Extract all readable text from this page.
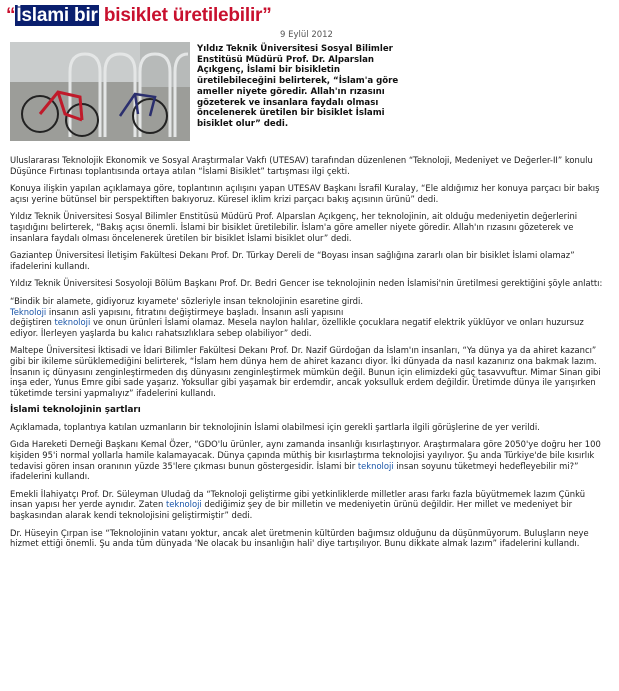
“İslami bir bisiklet üretilebilir”
9 Eylül 2012
Yıldız Teknik Üniversitesi Sosyal Bilimler Enstitüsü Müdürü Prof. Dr. Alparslan Açıkgenç, İslami bir bisikletin üretilebileceğini belirterek, “İslam'a göre ameller niyete göredir. Allah'ın rızasını gözeterek ve insanlara faydalı olması öncelenerek üretilen bir bisiklet İslami bisiklet olur” dedi.

Uluslararası Teknolojik Ekonomik ve Sosyal Araştırmalar Vakfı (UTESAV) tarafından düzenlenen “Teknoloji, Medeniyet ve Değerler-II” konulu Düşünce Fırtınası toplantısında ortaya atılan “İslami Bisiklet” tartışması ilgi çekti.

Konuya ilişkin yapılan açıklamaya göre, toplantının açılışını yapan UTESAV Başkanı İsrafil Kuralay, “Ele aldığımız her konuya parçacı bir bakış açısı yerine bütünsel bir perspektiften bakıyoruz. Küresel iklim krizi parçacı bakış açısının ürünü” dedi.

Yıldız Teknik Üniversitesi Sosyal Bilimler Enstitüsü Müdürü Prof. Alparslan Açıkgenç, her teknolojinin, ait olduğu medeniyetin değerlerini taşıdığını belirterek, “Bakış açısı önemli. İslami bir bisiklet üretilebilir. İslam'a göre ameller niyete göredir. Allah'ın rızasını gözeterek ve insanlara faydalı olması öncelenerek üretilen bir bisiklet İslami bisiklet olur” dedi.

Gaziantep Üniversitesi İletişim Fakültesi Dekanı Prof. Dr. Türkay Dereli de “Boyası insan sağlığına zararlı olan bir bisiklet İslami olamaz” ifadelerini kullandı.

Yıldız Teknik Üniversitesi Sosyoloji Bölüm Başkanı Prof. Dr. Bedri Gencer ise teknolojinin neden İslamisi'nin üretilmesi gerektiğini şöyle anlattı:

“Bindik bir alamete, gidiyoruz kıyamete' sözleriyle insan teknolojinin esaretine girdi.
Teknoloji insanın asli yapısını, fıtratını değiştirmeye başladı. İnsanın asli yapısını
değiştiren teknoloji ve onun ürünleri İslami olamaz. Mesela naylon halılar, özellikle çocuklara negatif elektrik yüklüyor ve onları huzursuz ediyor. İlerleyen yaşlarda bu kalıcı rahatsızlıklara sebep olabiliyor” dedi.

Maltepe Üniversitesi İktisadi ve İdari Bilimler Fakültesi Dekanı Prof. Dr. Nazif Gürdoğan da İslam'ın insanları, “Ya dünya ya da ahiret kazancı” gibi bir ikileme sürüklemediğini belirterek, “İslam hem dünya hem de ahiret kazancı diyor. İki dünyada da nasıl kazanırız ona bakmak lazım. İnsanın iç dünyasını zenginleştirmeden dış dünyasını zenginleştirmek mümkün değil. Bunun için elimizdeki güç tasavvuftur. Mimar Sinan gibi inşa eder, Yunus Emre gibi sade yaşarız. Yoksullar gibi yaşamak bir erdemdir, ancak yoksulluk erdem değildir. Üretimde dünya ile yarışırken tüketimde tersini yapmalıyız” ifadelerini kullandı.

İslami teknolojinin şartları

Açıklamada, toplantıya katılan uzmanların bir teknolojinin İslami olabilmesi için gerekli şartlarla ilgili görüşlerine de yer verildi.

Gıda Hareketi Derneği Başkanı Kemal Özer, “GDO'lu ürünler, aynı zamanda insanlığı kısırlaştırıyor. Araştırmalara göre 2050'ye doğru her 100 kişiden 95'i normal yollarla hamile kalamayacak. Dünya çapında müthiş bir kısırlaştırma teknolojisi yayılıyor. Şu anda Türkiye'de bile kısırlık tedavisi gören insan oranının yüzde 35'lere çıkması bunun göstergesidir. İslami bir teknoloji insan soyunu tüketmeyi hedefleyebilir mi?” ifadelerini kullandı.

Emekli İlahiyatçı Prof. Dr. Süleyman Uludağ da “Teknoloji geliştirme gibi yetkinliklerde milletler arası farkı fazla büyütmemek lazım Çünkü insan yapısı her yerde aynıdır. Zaten teknoloji dediğimiz şey de bir milletin ve medeniyetin ürünü değildir. Her millet ve medeniyet bir başkasından alarak kendi teknolojisini geliştirmiştir” dedi.

Dr. Hüseyin Çırpan ise “Teknolojinin vatanı yoktur, ancak alet üretmenin kültürden bağımsız olduğunu da düşünmüyorum. Buluşların neye hizmet ettiği önemli. Şu anda tüm dünyada 'Ne olacak bu insanlığın hali' diye tartışılıyor. Bunu dikkate almak lazım” ifadelerini kullandı.
